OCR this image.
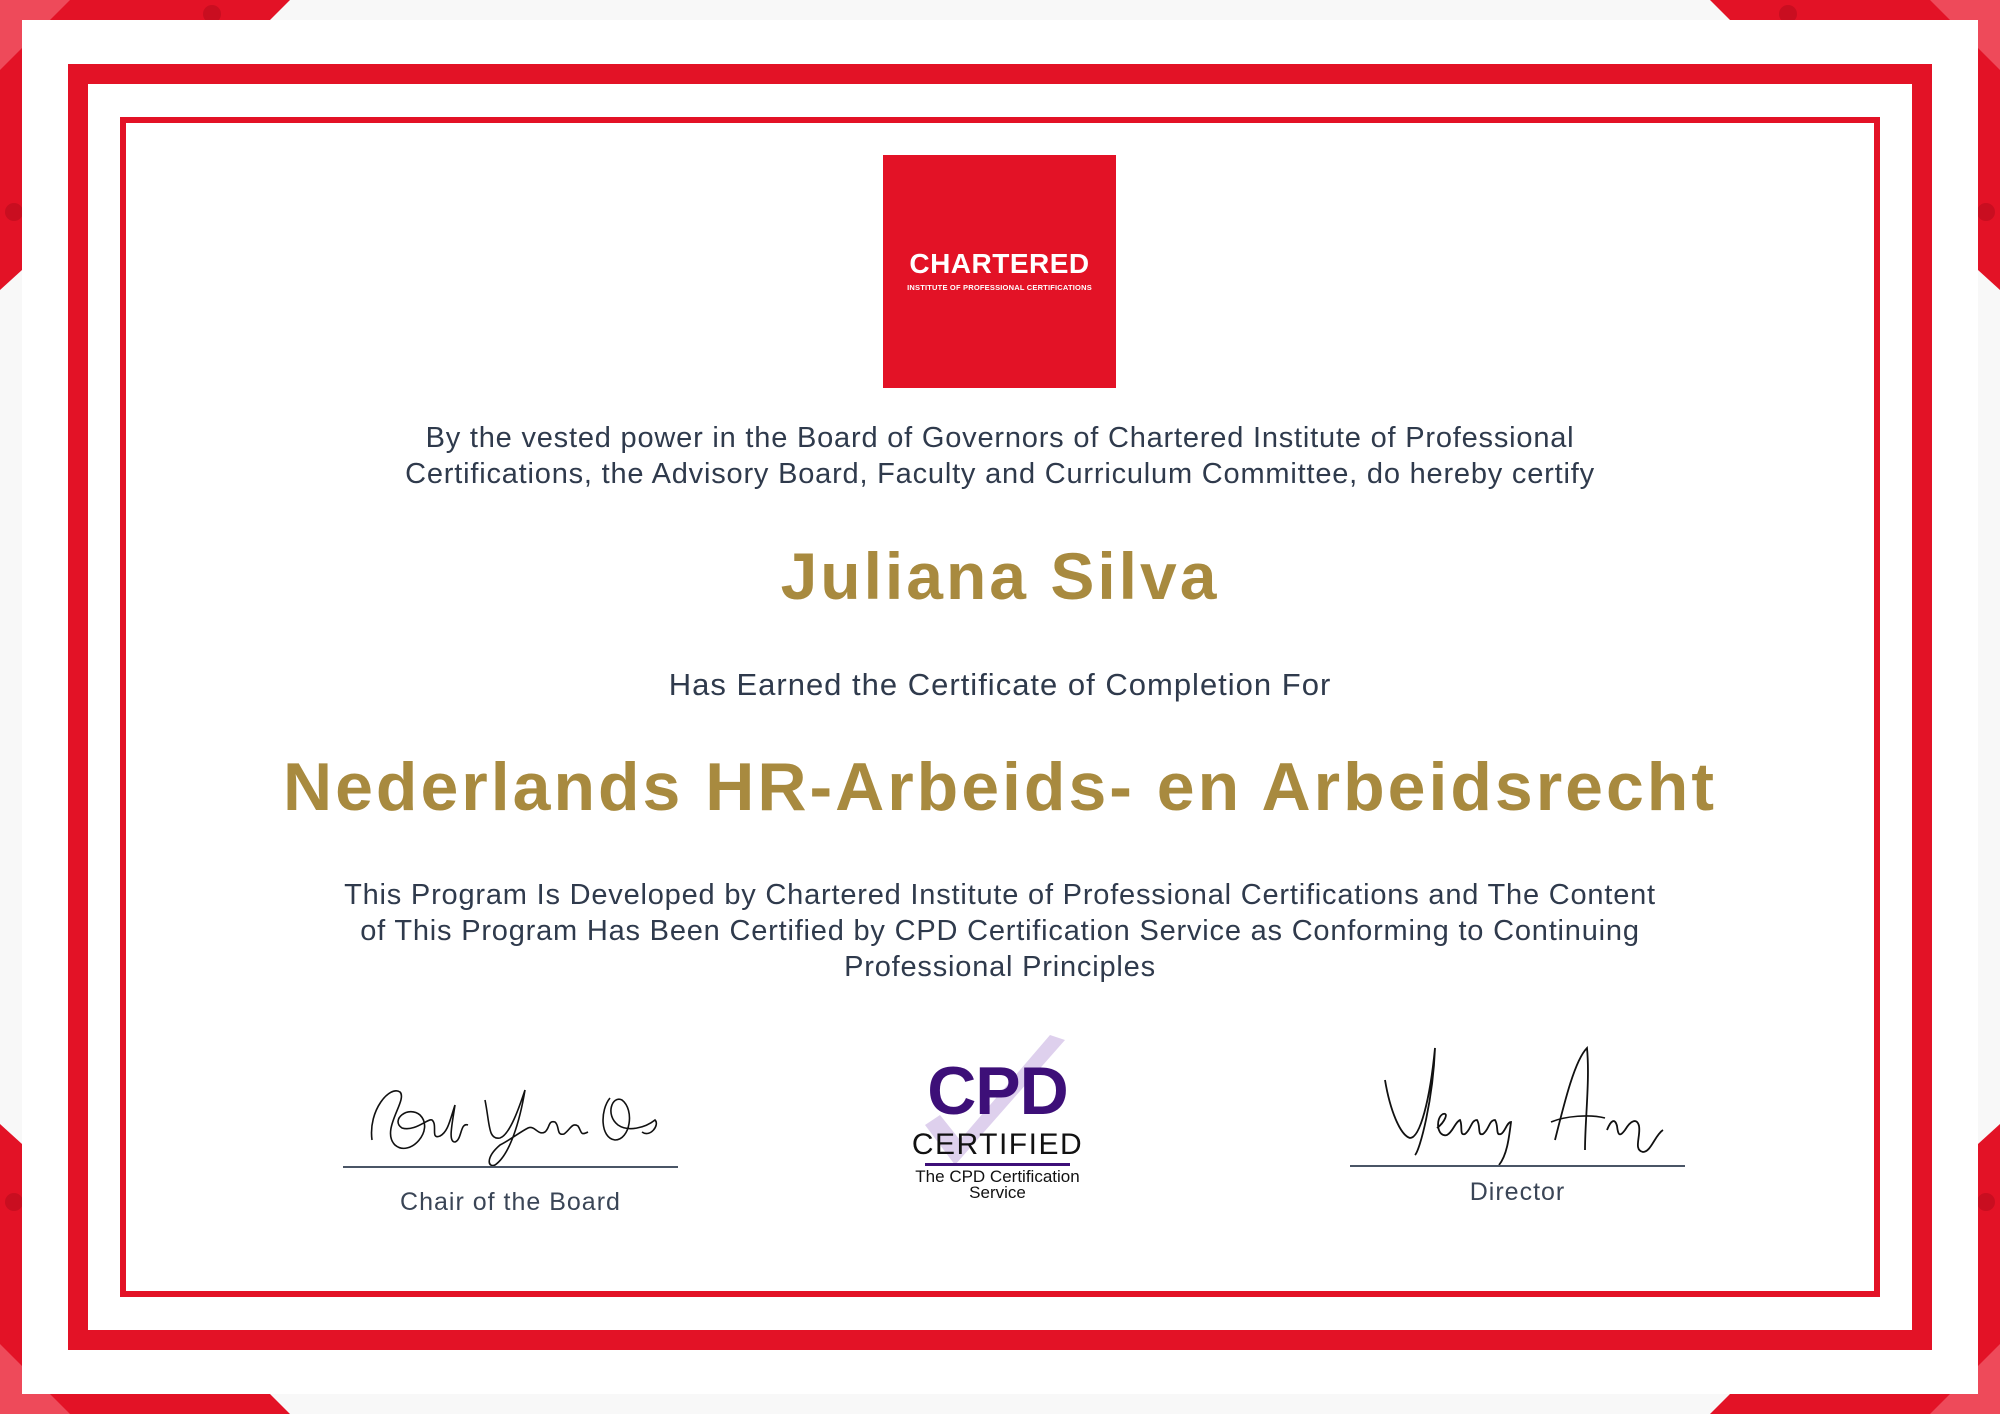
CHARTERED
INSTITUTE OF PROFESSIONAL CERTIFICATIONS
By the vested power in the Board of Governors of Chartered Institute of Professional
Certifications, the Advisory Board, Faculty and Curriculum Committee, do hereby certify
Juliana Silva
Has Earned the Certificate of Completion For
Nederlands HR-Arbeids- en Arbeidsrecht
This Program Is Developed by Chartered Institute of Professional Certifications and The Content
of This Program Has Been Certified by CPD Certification Service as Conforming to Continuing
Professional Principles
Chair of the Board	Director
CPD
CERTIFIED
The CPD Certification
Service
